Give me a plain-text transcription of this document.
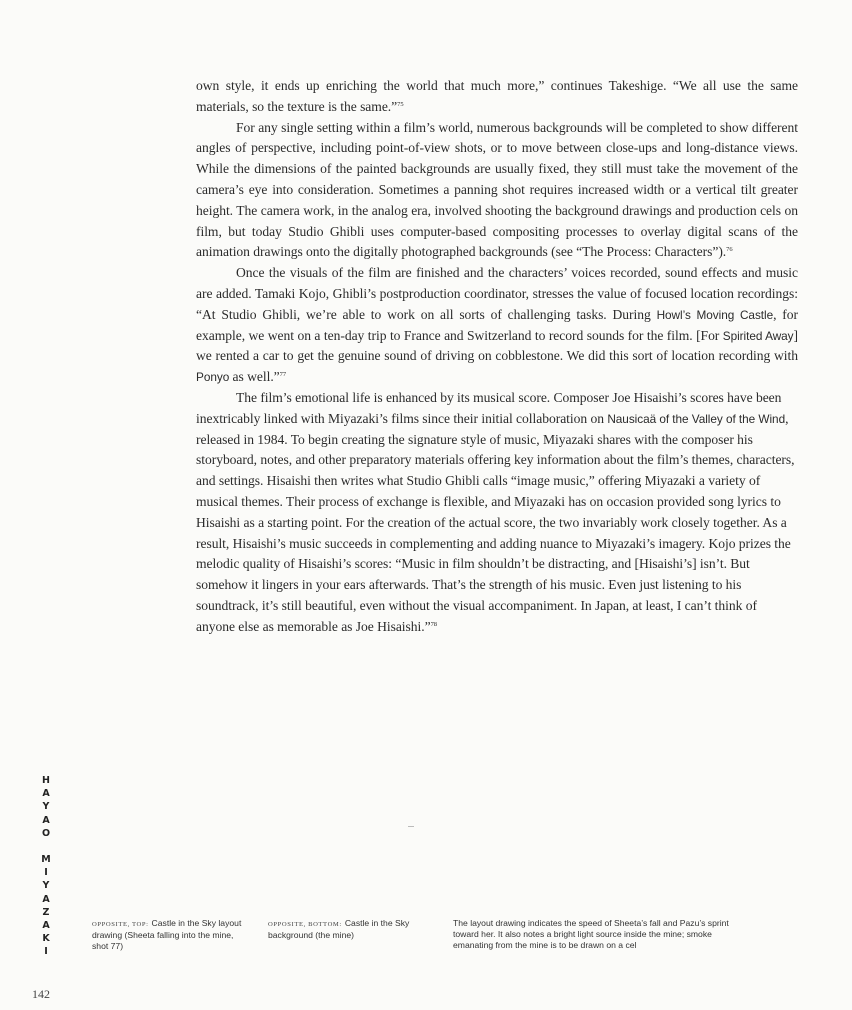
own style, it ends up enriching the world that much more,” continues Takeshige. “We all use the same materials, so the texture is the same.”$^{75}$

For any single setting within a film’s world, numerous backgrounds will be completed to show different angles of perspective, including point-of-view shots, or to move between close-ups and long-distance views. While the dimensions of the painted backgrounds are usually fixed, they still must take the movement of the camera’s eye into consideration. Sometimes a panning shot requires increased width or a vertical tilt greater height. The camera work, in the analog era, involved shooting the background drawings and production cels on film, but today Studio Ghibli uses computer-based compositing processes to overlay digital scans of the animation drawings onto the digitally photographed backgrounds (see “The Process: Characters”).$^{76}$

Once the visuals of the film are finished and the characters’ voices recorded, sound effects and music are added. Tamaki Kojo, Ghibli’s postproduction coordinator, stresses the value of focused location recordings: “At Studio Ghibli, we’re able to work on all sorts of challenging tasks. During Howl’s Moving Castle, for example, we went on a ten-day trip to France and Switzerland to record sounds for the film. [For Spirited Away] we rented a car to get the genuine sound of driving on cobblestone. We did this sort of location recording with Ponyo as well.”$^{77}$

The film’s emotional life is enhanced by its musical score. Composer Joe Hisaishi’s scores have been inextricably linked with Miyazaki’s films since their initial collaboration on Nausicaä of the Valley of the Wind, released in 1984. To begin creating the signature style of music, Miyazaki shares with the composer his storyboard, notes, and other preparatory materials offering key information about the film’s themes, characters, and settings. Hisaishi then writes what Studio Ghibli calls “image music,” offering Miyazaki a variety of musical themes. Their process of exchange is flexible, and Miyazaki has on occasion provided song lyrics to Hisaishi as a starting point. For the creation of the actual score, the two invariably work closely together. As a result, Hisaishi’s music succeeds in complementing and adding nuance to Miyazaki’s imagery. Kojo prizes the melodic quality of Hisaishi’s scores: “Music in film shouldn’t be distracting, and [Hisaishi’s] isn’t. But somehow it lingers in your ears afterwards. That’s the strength of his music. Even just listening to his soundtrack, it’s still beautiful, even without the visual accompaniment. In Japan, at least, I can’t think of anyone else as memorable as Joe Hisaishi.”$^{78}$

H
A
Y
A
O
M
I
Y
A
Z
A
K
I
OPPOSITE, TOP: Castle in the Sky layout drawing (Sheeta falling into the mine, shot 77)
OPPOSITE, BOTTOM: Castle in the Sky background (the mine)
The layout drawing indicates the speed of Sheeta’s fall and Pazu’s sprint toward her. It also notes a bright light source inside the mine; smoke emanating from the mine is to be drawn on a cel
142
